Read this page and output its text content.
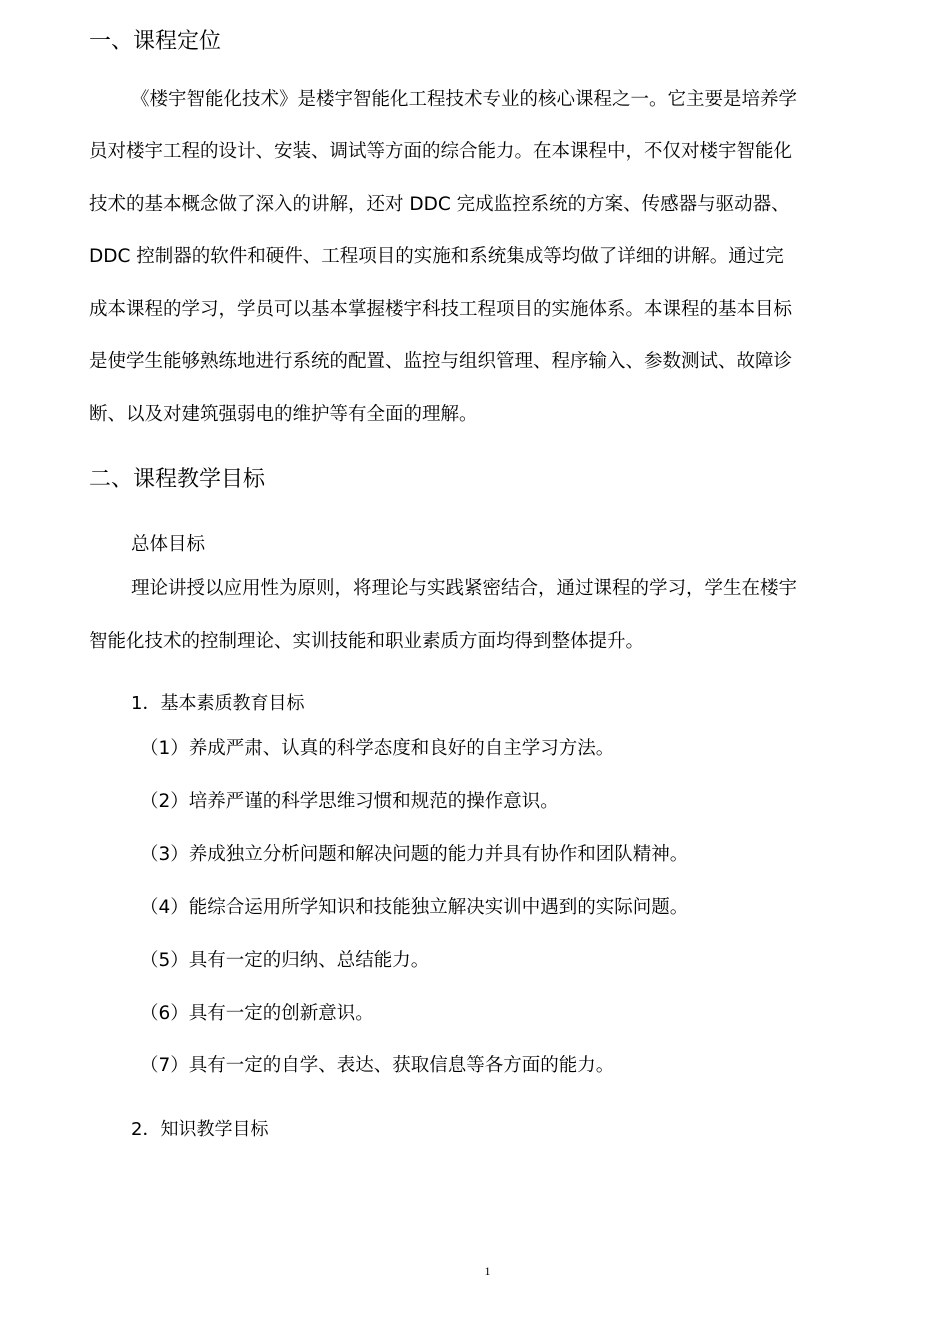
一、课程定位
《楼宇智能化技术》是楼宇智能化工程技术专业的核心课程之一。它主要是培养学
员对楼宇工程的设计、安装、调试等方面的综合能力。在本课程中，不仅对楼宇智能化
技术的基本概念做了深入的讲解，还对 DDC 完成监控系统的方案、传感器与驱动器、
DDC 控制器的软件和硬件、工程项目的实施和系统集成等均做了详细的讲解。通过完
成本课程的学习，学员可以基本掌握楼宇科技工程项目的实施体系。本课程的基本目标
是使学生能够熟练地进行系统的配置、监控与组织管理、程序输入、参数测试、故障诊
断、以及对建筑强弱电的维护等有全面的理解。
二、课程教学目标
总体目标
理论讲授以应用性为原则，将理论与实践紧密结合，通过课程的学习，学生在楼宇
智能化技术的控制理论、实训技能和职业素质方面均得到整体提升。
1．基本素质教育目标
（1）养成严肃、认真的科学态度和良好的自主学习方法。
（2）培养严谨的科学思维习惯和规范的操作意识。
（3）养成独立分析问题和解决问题的能力并具有协作和团队精神。
（4）能综合运用所学知识和技能独立解决实训中遇到的实际问题。
（5）具有一定的归纳、总结能力。
（6）具有一定的创新意识。
（7）具有一定的自学、表达、获取信息等各方面的能力。
2．知识教学目标
1
